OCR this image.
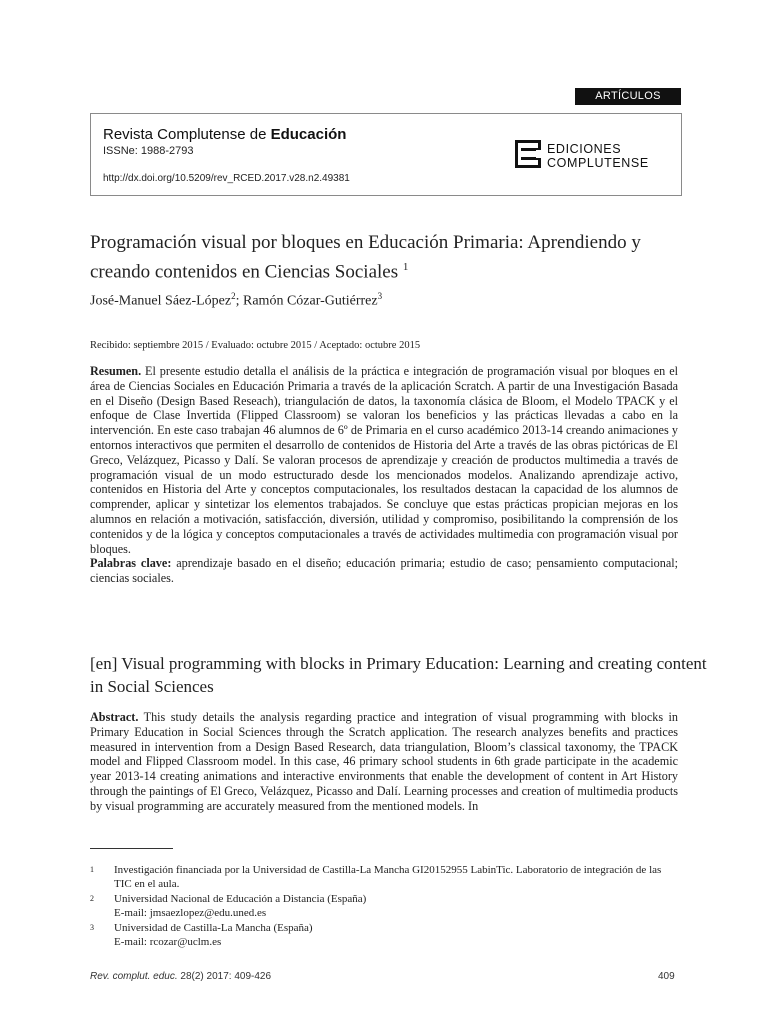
ARTÍCULOS
Revista Complutense de Educación
ISSNe: 1988-2793
http://dx.doi.org/10.5209/rev_RCED.2017.v28.n2.49381
EDICIONES
COMPLUTENSE
Programación visual por bloques en Educación Primaria: Aprendiendo y creando contenidos en Ciencias Sociales $^1$
José-Manuel Sáez-López$^2$; Ramón Cózar-Gutiérrez$^3$
Recibido: septiembre 2015 / Evaluado: octubre 2015 / Aceptado: octubre 2015

Resumen. El presente estudio detalla el análisis de la práctica e integración de programación visual por bloques en el área de Ciencias Sociales en Educación Primaria a través de la aplicación Scratch. A partir de una Investigación Basada en el Diseño (Design Based Reseach), triangulación de datos, la taxonomía clásica de Bloom, el Modelo TPACK y el enfoque de Clase Invertida (Flipped Classroom) se valoran los beneficios y las prácticas llevadas a cabo en la intervención. En este caso trabajan 46 alumnos de 6º de Primaria en el curso académico 2013-14 creando animaciones y entornos interactivos que permiten el desarrollo de contenidos de Historia del Arte a través de las obras pictóricas de El Greco, Velázquez, Picasso y Dalí. Se valoran procesos de aprendizaje y creación de productos multimedia a través de programación visual de un modo estructurado desde los mencionados modelos. Analizando aprendizaje activo, contenidos en Historia del Arte y conceptos computacionales, los resultados destacan la capacidad de los alumnos de comprender, aplicar y sintetizar los elementos trabajados. Se concluye que estas prácticas propician mejoras en los alumnos en relación a motivación, satisfacción, diversión, utilidad y compromiso, posibilitando la comprensión de los contenidos y de la lógica y conceptos computacionales a través de actividades multimedia con programación visual por bloques.

Palabras clave: aprendizaje basado en el diseño; educación primaria; estudio de caso; pensamiento computacional; ciencias sociales.

[en] Visual programming with blocks in Primary Education: Learning and creating content in Social Sciences
Abstract. This study details the analysis regarding practice and integration of visual programming with blocks in Primary Education in Social Sciences through the Scratch application. The research analyzes benefits and practices measured in intervention from a Design Based Research, data triangulation, Bloom’s classical taxonomy, the TPACK model and Flipped Classroom model. In this case, 46 primary school students in 6th grade participate in the academic year 2013-14 creating animations and interactive environments that enable the development of content in Art History through the paintings of El Greco, Velázquez, Picasso and Dalí. Learning processes and creation of multimedia products by visual programming are accurately measured from the mentioned models. In
1	Investigación financiada por la Universidad de Castilla-La Mancha GI20152955 LabinTic. Laboratorio de integración de las TIC en el aula.
2	Universidad Nacional de Educación a Distancia (España)
E-mail: jmsaezlopez@edu.uned.es
3	Universidad de Castilla-La Mancha (España)
E-mail: rcozar@uclm.es
Rev. complut. educ. 28(2) 2017: 409-426	409
